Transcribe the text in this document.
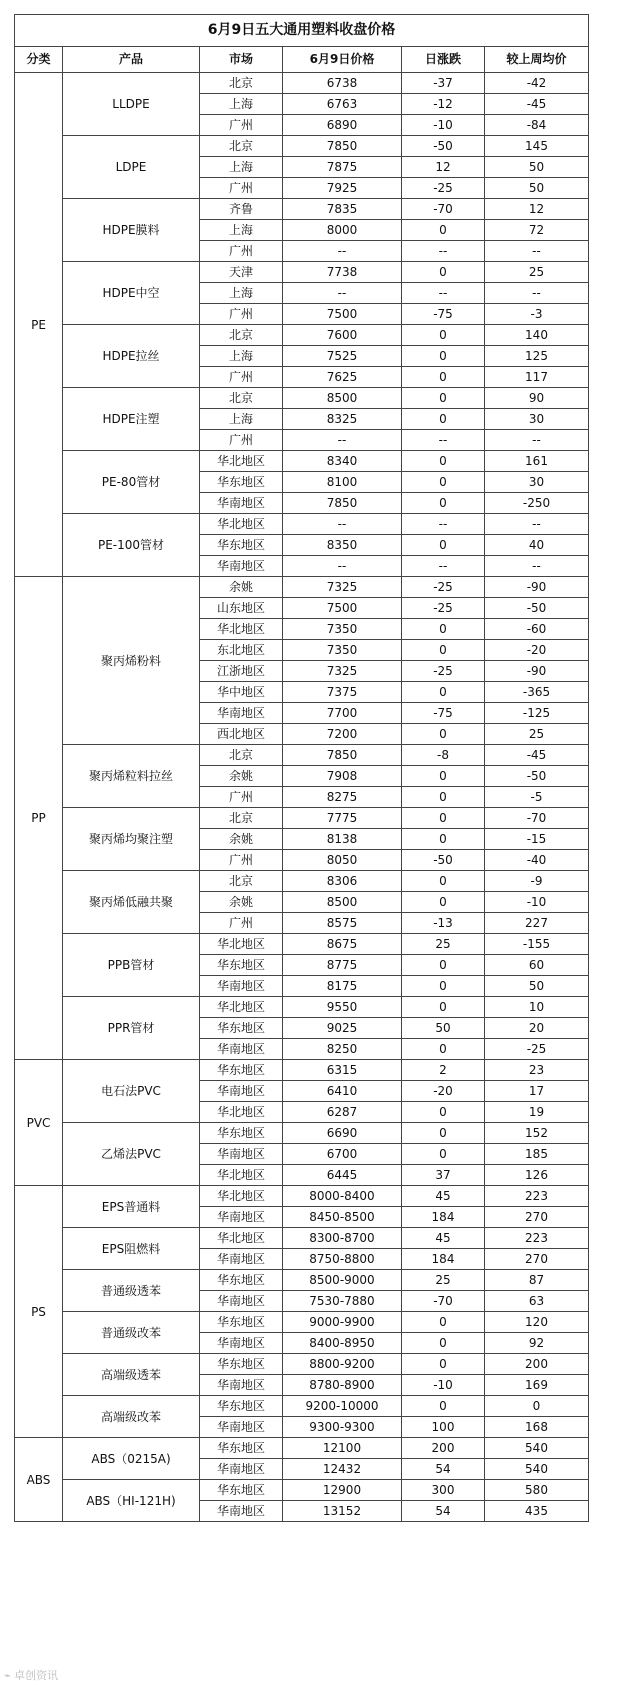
6月9日五大通用塑料收盘价格
分类	产品	市场	6月9日价格	日涨跌	较上周均价
PE	LLDPE	北京	6738	-37	-42
		上海	6763	-12	-45
		广州	6890	-10	-84
	LDPE	北京	7850	-50	145
		上海	7875	12	50
		广州	7925	-25	50
	HDPE膜料	齐鲁	7835	-70	12
		上海	8000	0	72
		广州	--	--	--
	HDPE中空	天津	7738	0	25
		上海	--	--	--
		广州	7500	-75	-3
	HDPE拉丝	北京	7600	0	140
		上海	7525	0	125
		广州	7625	0	117
	HDPE注塑	北京	8500	0	90
		上海	8325	0	30
		广州	--	--	--
	PE-80管材	华北地区	8340	0	161
		华东地区	8100	0	30
		华南地区	7850	0	-250
	PE-100管材	华北地区	--	--	--
		华东地区	8350	0	40
		华南地区	--	--	--
PP	聚丙烯粉料	余姚	7325	-25	-90
		山东地区	7500	-25	-50
		华北地区	7350	0	-60
		东北地区	7350	0	-20
		江浙地区	7325	-25	-90
		华中地区	7375	0	-365
		华南地区	7700	-75	-125
		西北地区	7200	0	25
	聚丙烯粒料拉丝	北京	7850	-8	-45
		余姚	7908	0	-50
		广州	8275	0	-5
	聚丙烯均聚注塑	北京	7775	0	-70
		余姚	8138	0	-15
		广州	8050	-50	-40
	聚丙烯低融共聚	北京	8306	0	-9
		余姚	8500	0	-10
		广州	8575	-13	227
	PPB管材	华北地区	8675	25	-155
		华东地区	8775	0	60
		华南地区	8175	0	50
	PPR管材	华北地区	9550	0	10
		华东地区	9025	50	20
		华南地区	8250	0	-25
PVC	电石法PVC	华东地区	6315	2	23
		华南地区	6410	-20	17
		华北地区	6287	0	19
	乙烯法PVC	华东地区	6690	0	152
		华南地区	6700	0	185
		华北地区	6445	37	126
PS	EPS普通料	华北地区	8000-8400	45	223
		华南地区	8450-8500	184	270
	EPS阻燃料	华北地区	8300-8700	45	223
		华南地区	8750-8800	184	270
	普通级透苯	华东地区	8500-9000	25	87
		华南地区	7530-7880	-70	63
	普通级改苯	华东地区	9000-9900	0	120
		华南地区	8400-8950	0	92
	高端级透苯	华东地区	8800-9200	0	200
		华南地区	8780-8900	-10	169
	高端级改苯	华东地区	9200-10000	0	0
		华南地区	9300-9300	100	168
ABS	ABS（0215A)	华东地区	12100	200	540
		华南地区	12432	54	540
	ABS（HI-121H)	华东地区	12900	300	580
		华南地区	13152	54	435
⌁ 卓创资讯
